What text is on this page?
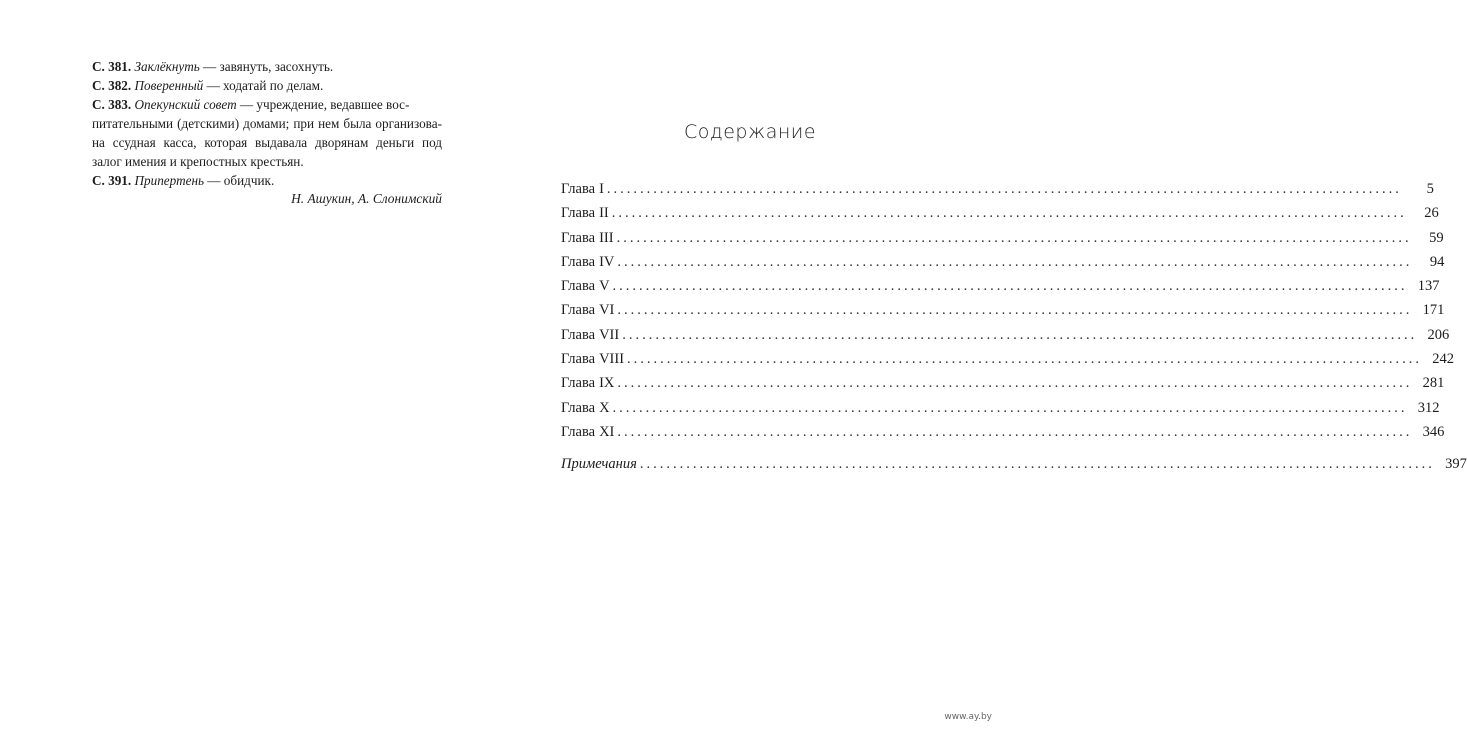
С. 381. Заклёкнуть — завянуть, засохнуть.

С. 382. Поверенный — ходатай по делам.

С. 383. Опекунский совет — учреждение, ведавшее вос-
питательными (детскими) домами; при нем была организована ссудная касса, которая выдавала дворянам деньги под залог имения и крепостных крестьян.

С. 391. Припертень — обидчик.

Н. Ашукин, А. Слонимский
Содержание
Глава I ........................................................................................................................	5
Глава II ........................................................................................................................	26
Глава III ........................................................................................................................	59
Глава IV ........................................................................................................................	94
Глава V ........................................................................................................................ 137
Глава VI ........................................................................................................................ 171
Глава VII ........................................................................................................................ 206
Глава VIII ........................................................................................................................ 242
Глава IX ........................................................................................................................ 281
Глава X ........................................................................................................................ 312
Глава XI ........................................................................................................................ 346
Примечания ........................................................................................................................ 397
www.ay.by
